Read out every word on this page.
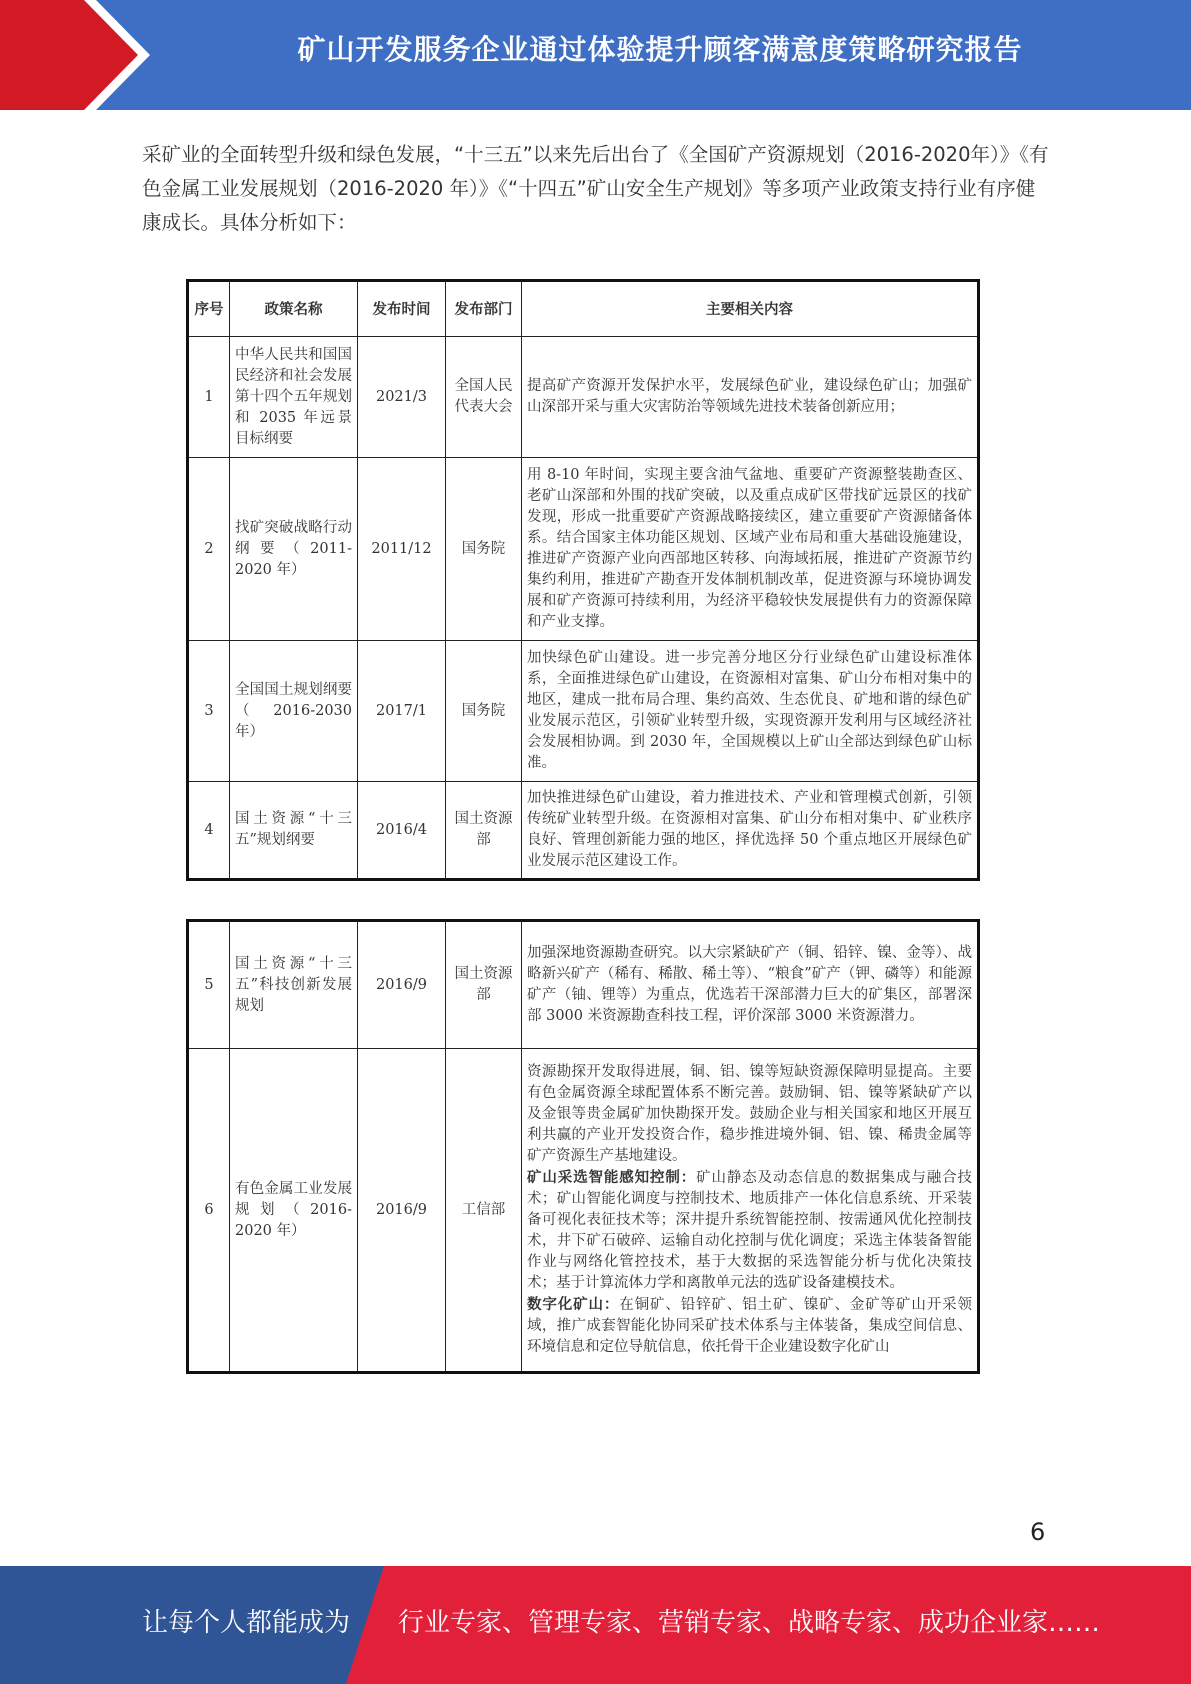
矿山开发服务企业通过体验提升顾客满意度策略研究报告

采矿业的全面转型升级和绿色发展，“十三五”以来先后出台了《全国矿产资源规划（2016-2020年）》《有色金属工业发展规划（2016-2020 年）》《“十四五”矿山安全生产规划》等多项产业政策支持行业有序健康成长。具体分析如下：

序号	政策名称	发布时间	发布部门	主要相关内容
1	中华人民共和国国民经济和社会发展第十四个五年规划和 2035 年远景目标纲要	2021/3	全国人民代表大会	提高矿产资源开发保护水平，发展绿色矿业，建设绿色矿山；加强矿山深部开采与重大灾害防治等领域先进技术装备创新应用；
2	找矿突破战略行动纲要（2011-2020 年）	2011/12	国务院	用 8-10 年时间，实现主要含油气盆地、重要矿产资源整装勘查区、老矿山深部和外围的找矿突破，以及重点成矿区带找矿远景区的找矿发现，形成一批重要矿产资源战略接续区，建立重要矿产资源储备体系。结合国家主体功能区规划、区域产业布局和重大基础设施建设，推进矿产资源产业向西部地区转移、向海域拓展，推进矿产资源节约集约利用，推进矿产勘查开发体制机制改革，促进资源与环境协调发展和矿产资源可持续利用，为经济平稳较快发展提供有力的资源保障和产业支撑。
3	全国国土规划纲要（2016-2030 年）	2017/1	国务院	加快绿色矿山建设。进一步完善分地区分行业绿色矿山建设标准体系，全面推进绿色矿山建设，在资源相对富集、矿山分布相对集中的地区，建成一批布局合理、集约高效、生态优良、矿地和谐的绿色矿业发展示范区，引领矿业转型升级，实现资源开发利用与区域经济社会发展相协调。到 2030 年，全国规模以上矿山全部达到绿色矿山标准。
4	国土资源“十三五”规划纲要	2016/4	国土资源部	加快推进绿色矿山建设，着力推进技术、产业和管理模式创新，引领传统矿业转型升级。在资源相对富集、矿山分布相对集中、矿业秩序良好、管理创新能力强的地区，择优选择 50 个重点地区开展绿色矿业发展示范区建设工作。
5	国土资源“十三五”科技创新发展规划	2016/9	国土资源部	加强深地资源勘查研究。以大宗紧缺矿产（铜、铅锌、镍、金等）、战略新兴矿产（稀有、稀散、稀土等）、“粮食”矿产（钾、磷等）和能源矿产（铀、锂等）为重点，优选若干深部潜力巨大的矿集区，部署深部 3000 米资源勘查科技工程，评价深部 3000 米资源潜力。
6	有色金属工业发展规划（2016-2020 年）	2016/9	工信部	资源勘探开发取得进展，铜、铝、镍等短缺资源保障明显提高。主要有色金属资源全球配置体系不断完善。鼓励铜、铝、镍等紧缺矿产以及金银等贵金属矿加快勘探开发。鼓励企业与相关国家和地区开展互利共赢的产业开发投资合作，稳步推进境外铜、铝、镍、稀贵金属等矿产资源生产基地建设。
矿山采选智能感知控制：矿山静态及动态信息的数据集成与融合技术；矿山智能化调度与控制技术、地质排产一体化信息系统、开采装备可视化表征技术等；深井提升系统智能控制、按需通风优化控制技术，井下矿石破碎、运输自动化控制与优化调度；采选主体装备智能作业与网络化管控技术，基于大数据的采选智能分析与优化决策技术；基于计算流体力学和离散单元法的选矿设备建模技术。
数字化矿山：在铜矿、铅锌矿、铝土矿、镍矿、金矿等矿山开采领域，推广成套智能化协同采矿技术体系与主体装备，集成空间信息、环境信息和定位导航信息，依托骨干企业建设数字化矿山
6
让每个人都能成为 行业专家、管理专家、营销专家、战略专家、成功企业家……
